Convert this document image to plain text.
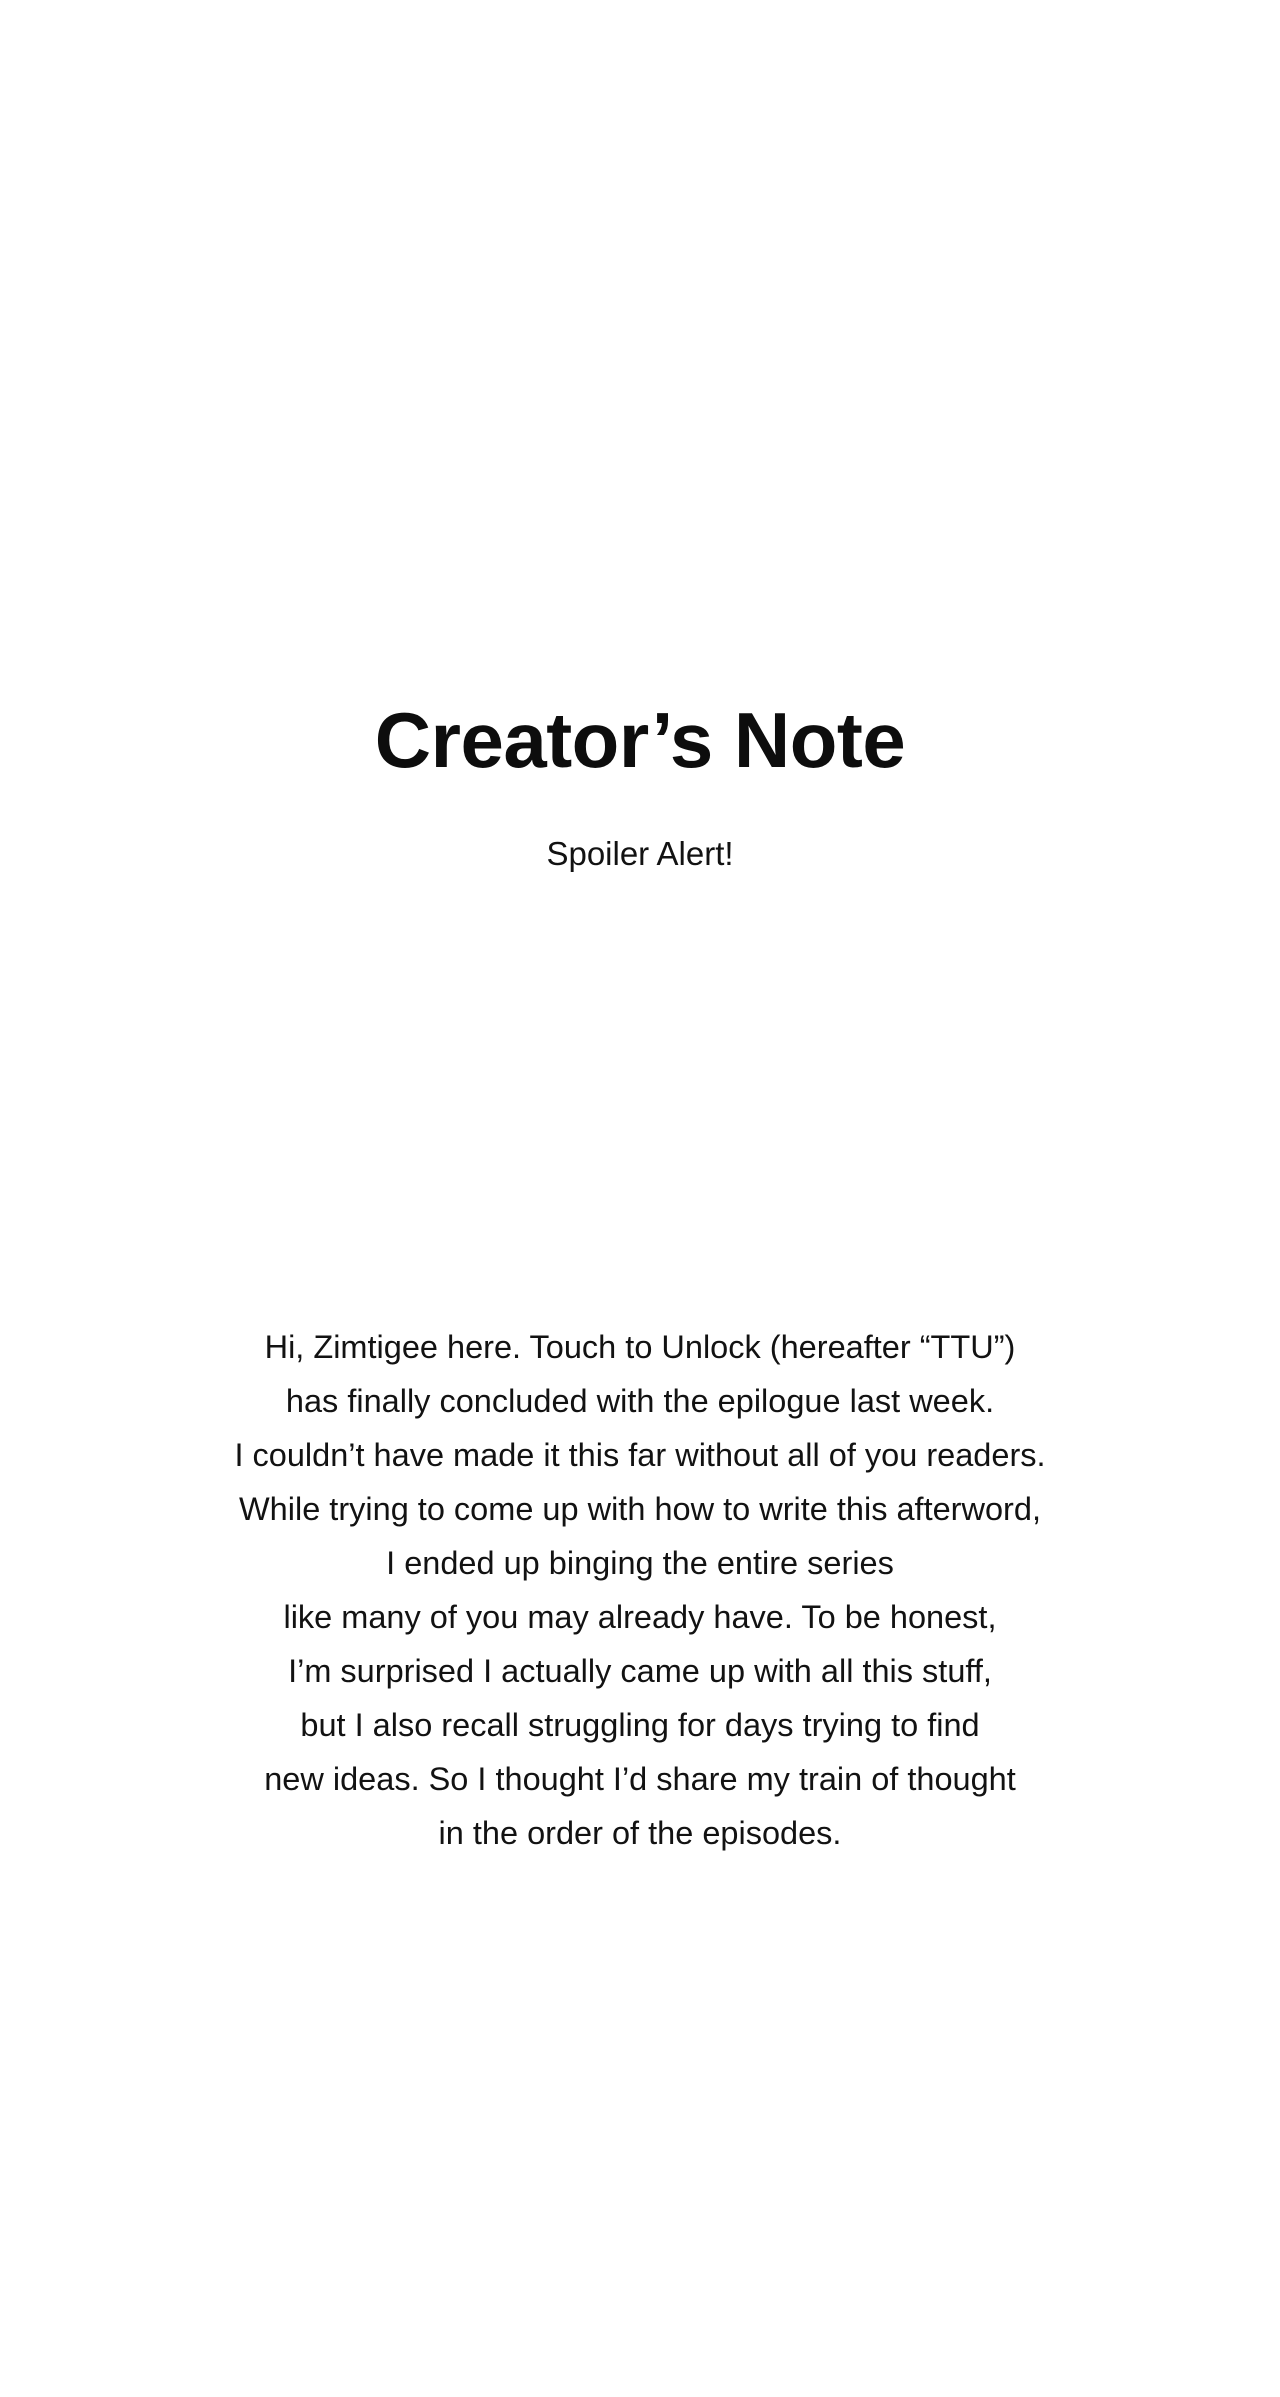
Creator’s Note

Spoiler Alert!

Hi, Zimtigee here. Touch to Unlock (hereafter “TTU”)
has finally concluded with the epilogue last week.
I couldn’t have made it this far without all of you readers.
While trying to come up with how to write this afterword,
I ended up binging the entire series
like many of you may already have. To be honest,
I’m surprised I actually came up with all this stuff,
but I also recall struggling for days trying to find
new ideas. So I thought I’d share my train of thought
in the order of the episodes.
